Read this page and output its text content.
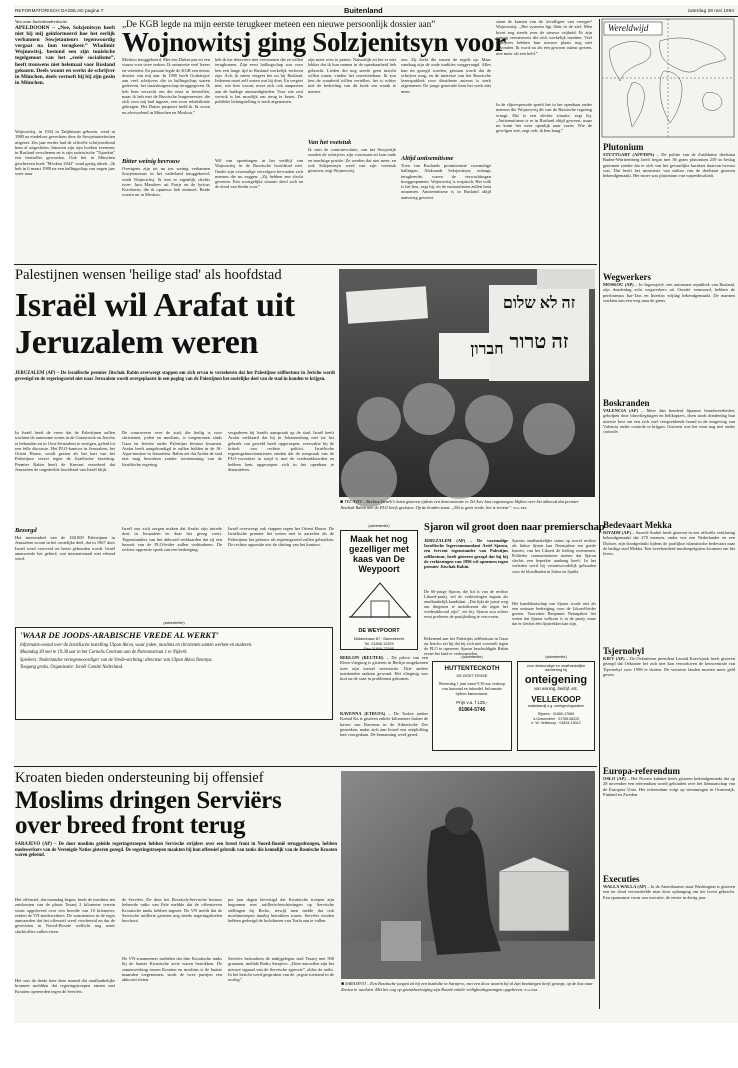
REFORMATORISCH DAGBLAD pagina 7	Buitenland	zaterdag 28 mei 1994
Van onze buitenlandredactie
APELDOORN – „Nee, Solzjenitsyn heeft niet bij mij geïnformeerd hoe het eerlijk verbannen Sowjetauteurs tegenwoordig vergaat na hun terugkeer.” Wladimir Wojnowitsj, bestond een zijn tuuishche tegelgenoot van het „reele socialisme”, heeft trouwens niet helemaal voor Rusland gekozen. Deels woont en werkt de schrijver in München, deels vertoeft hij bij zijn gezin in München.
Wojnowitsj, in 1932 in Tadjikistan geboren, werd in 1980 na eindeloze gevechten door de Sowjetautoriteiten uitgezet. Zes jaar eerder had de officiële schrijversbond hem al uitgesloten. Intussen zijn zijn boeken eveneens in Rusland verschenen en is zijn satiristische "Tsjonkin" een bestseller geworden. Ook het in München geschreven boek "Moskou 2042" vond gretig aftrek. „Ik heb in 6 maart 1989 na een ballingschap van negen jaar weer naar
„De KGB legde na mijn eerste terugkeer meteen een nieuwe persoonlijk dossier aan”
Wojnowitsj ging Solzjenitsyn voor
Moskou teruggekeerd. Met een Duitse pas en een visum voor twee weken. Ik ontmoette veel lezers en vrienden. En passant legde de KGB een nieuw dossier van mij aan. In 1990 heeft Gorbatsjov aan veel schrijvers die in ballingschap waren gedreven, het staatsburgerschap teruggegeven. Ik heb hem verzocht om die eerst te herstellen, maar ik heb met de Russische burgemeester, die zich voor mij had ingezet, een soort rehabilitatie gekregen. Het Duitse paspoort hield ik. Ik woon nu afwisselend in München en Moskou.”
Bitter weinig bevrouw
Overigens zijn tot nu toe weinig verbannen Sowjetauteurs in het vaderland teruggekeerd, vindt Wojnowitsj. Ik ken er eigenlijk slechts twee: Jura Mamleev uit Parijs en de lyricus Korshavin, die ik opnieuw heb ontmoet. Beide wonen nu in Moskou.
heb ik toe deesvrere niet vervenmen dat ze willen terugkomen. Zijn eerst ballingschap was voor hen een lange tijd in Rusland werkelijk verloren zijn. Ach, ik neem vergeet het nu bij Rusland. Iedereen moet zelf weten wat hij doet. En vergeet niet, wie hier woont, moet zich ook aanpassen aan de huidige omstandigheden. Voor wie ooit vertrok is het moeilijk om terug te keren. De publieke belangstelling is sterk afgenomen.
Wil van opzettingen in het verblijf van Wojnowitsj in de Russische hoofdstad niet. Onder zijn voormalige vervolgers bevonden zich mensen die nu zeggen: „Zij hebben een slecht geweten. Een soortgelijke situatie deed zich na de dood van Stalin voor.”
zijn meer over te praten. Natuurlijk zit het er niet lekker dat ik hun namen in de openbaarheid heb gebracht. Lieden die nog steeds geen inzicht willen tonen, vinden het onverteerbaar. Ik zou hen de waarheid willen vertellen, het is echter niet de bedoeling van dit boek om wraak te nemen.
Van het voetstuk
Ik stuit de contrarevolutie, van het Sowjetrijk zouden de schrijvers zijn voorstaan uit hun oude en machtige positie. Ze werden dat niet meer, en ook Solzjenitsyn werd van zijn voetstuk gestoten, zegt Wojnowitsj.
zou. Zij dicht die tussen de regels op. Maar vandaag zijn de oude tradities weggevaagd. Alles kan nu gezegd worden, gestaan wordt dat de schrijver mag, en de interesse van het Russische lezerspubliek voor dissidente auteurs is sterk afgenomen. De jonge generatie kent het werk niet meer.
Altijd antisemitisme
Toen van Ruslands prominentste voormalige ballingen, Aleksandr Solzjenitsyn, onlangs terugkeerde, waren de verwachtingen hooggespannen. Wojnowitsj is sceptisch. Het volk is het beu, zegt hij, en de nationalisten zullen hem omarmen. Antisemitisme is in Rusland altijd aanwezig geweest.
staan de kansen van de 'afvalligen' van vroeger? Wojnowitsj: „Het systeem ligt flink in de ziel. Men hoort nog steeds over de nieuwe vrijheid. Er zijn weinig vernieuwers die zich werkelijk inzetten. Veel schrijvers hebben hun nieuwe plaats nog niet gevonden. Ik word nu als een gewoon auteur gezien, niet meer als een held.”
In de slijtersperiode speelt het in het openbaar onder mensen die Wojnowitsj dit van de Russische regering vraagt. Dat is een slechte situatie, zegt hij. „Antisemitisme is er in Rusland altijd geweest, maar nu komt het weer openlijk naar voren. Wie de gevolgen ziet, zegt ook: ik ben bang.”
Wereldwijd
Plutonium
STUTTGART (AFP/DPA) – De politie van de Zuidduitse deelstaat Baden-Württemberg heeft begin mei 56 gram plutonium 239 in beslag genomen zonder dat er zich van het gevaarlijke karakter daarvan bewust was. Dat heeft het ministerie van milieu van de deelstaat gisteren bekendgemaakt. Het snoer was plutonium van wapenkwaliteit.
Wegwerkers
MOSKOU (AP) – In Ingoesjetië, een autonome republiek van Rusland, zijn donderdag acht wegwerkers uit Ossetië vermoord, hebben de persbureaus Itar-Tass en Interfax vrijdag bekendgemaakt. De mannen werkten aan een weg naar de grens.
Boskranden
VALENCIA (AP) – Meer dan honderd Spaanse brandweerlieden, geholpen door blusvliegtuigen en helikopters, doen sinds donderdag hun uiterste best om een zich snel verspreidende brand in de omgeving van Valencia onder controle te krijgen. Gisteren was het vuur nog niet onder controle.
Bedevaart Mekka
RIYADH (AP) – Saoedi-Arabië heeft gisteren in een officiële verklaring bekendgemaakt dat 270 mensen, onder wie een Nederlander en een Duitser, zijn doodgedrukt tijdens de jaarlijkse islamitische bedevaart naar de heilige stad Mekka. Een tweehonderd moslimpelgrims kwamen om het leven.
Tsjernobyl
KIEV (AP) – De Oekraïense president Leonid Kravtsjoek heeft gisteren gezegd dat Oekraïne het zich niet kan veroorloven de kerncentrale van Tsjernobyl voor 1998 te sluiten. De westerse landen moeten meer geld geven.
Europa-referendum
OSLO (AP) – Het Noorse kabinet heeft gisteren bekendgemaakt dat op 28 november een referendum wordt gehouden over het lidmaatschap van de Europese Unie. Het referendum volgt op stemmingen in Oostenrijk, Finland en Zweden.
Executies
WALLA WALLA (AP) – In de Amerikaanse staat Washington is gisteren een ter dood veroordeelde man door ophanging om het leven gebracht. Een spaarzame vorm van executie, de eerste in dertig jaar.
Palestijnen wensen 'heilige stad' als hoofdstad
Israël wil Arafat uit Jeruzalem weren
JERUZALEM (AP) – De Israëlische premier Jitschak Rabin overweegt stappen om zich ervan te verzekeren dat het Palestijnse zelfbestuur in Jericho wordt gevestigd en de regeringszetel niet naar Jeruzalem wordt overgeplaatst in een poging van de Palestijnen het oostelijke deel van de stad in handen te krijgen.
In Israël heeft de vrees dat de Palestijnen zullen trachten de autonome zones in de Gazastrook en Jericho te behouden en in Oost-Jeruzalem te vestigen, geleid tot een felle discussie. Het PLO-kantoor in Jeruzalem, het Orient House, wordt gezien als het hart van het Palestijnse verzet tegen de Israëlische bezetting. Premier Rabin heeft de Knesset verzekerd dat Jeruzalem de ongedeelde hoofdstad van Israël blijft.
Bezorgd
Het meerendeel van de 160.000 Palestijnen in Jeruzalem woont in het oostelijke deel, dat in 1967 door Israël werd veroverd en bezet gehouden wordt. Israël annexeerde het gebied, wat internationaal niet erkend werd.
De controverse over de stad, die heilig is voor christenen, joden en moslims, is toegenomen sinds Gaza en Jericho onder Palestijns bestuur kwamen. Arafat heeft aangekondigd te zullen bidden in de Al-Aqsa-moskee in Jeruzalem. Rabin zei dat Arafat de stad niet mag bezoeken zonder toestemming van de Israëlische regering.
Israël zou zich zorgen maken dat Arafat zijn intrede doet in Jeruzalem en daar het gezag voert. Tegenstanders van het akkoord verklaarden dat zij een bezoek van de PLO-leider zullen verhinderen. De rechtse oppositie sprak van een bedreiging.
vergaderen bij Israëls aanspraak op de stad. Israël heeft Arafat verklaard dat hij in Johannesburg niet tot het gebruik van geweld heeft opgeroepen, verzwakte hij de kritiek van rechtse politici. Israëlische regeringsfunctionarissen vinden dat de toespraak van de PLO-voorzitter in strijd is met de vredesakkoorden en hebben hem opgeroepen zich in het openbaar te distantiëren.
Israël overweegt ook stappen tegen het Orient House. De Israëlische premier liet weten niet te aarzelen als de Palestijnen het gebouw als regeringszetel zullen gebruiken. De rechtse oppositie eist de sluiting van het kantoor.
חברון
זה לא שלום
זה טרור
■ TEL AVIV – Rechtse Israëli's laten gisteren tijdens een demonstratie in Tel Aviv hun ongenoegen blijken over het akkoord dat premier Jitschak Rabin met de PLO heeft gesloten. Op de borden staat: „Dit is geen vrede, het is terreur”. Foto EPA
(advertentie)
Maak het nog gezelliger met kaas van De Weypoort
DE WEYPOORT
Middenbaan 87 · Barendrecht
Tel. 01806-12929
Fax 01806-22595
Sjaron wil groot doen naar premierschap
JERUZALEM (AP) – De voormalige Israëlische legercommandant Ariel Sjaron, een fervent tegenstander van Palestijns zelfbestuur, heeft gisteren gezegd dat hij bij de verkiezingen van 1996 wil opnemen tegen premier Jitschak Rabin.
De 66-jarige Sjaron, die lid is van de rechtse Likoed-partij, wil de verkiezingen ingaan als onafhankelijk kandidaat. „Dat lijkt de juiste weg om diegenen te mobiliseren die tegen het vredesakkoord zijn”, zei hij. Sjaron zou echter eerst proberen de partijleiding te veroveren.
Rekenend aan het Palestijns zelfbestuur in Gaza en Jericho zei hij dat hij zich niet voorstelt tegen de PLO te opereren. Sjaron beschuldigde Rabin ervan het land te verkwanselen.
Sjarons onafhankelijke status op zowel rechtse als linkse lijsten kan Netanjahoe ten goede komen, van het Likoed de leiding overnemen. Politieke commentatoren menen dat Sjaron slechts een beperkte aanhang heeft. In het verleden werd hij verantwoordelijk gehouden voor de bloedbaden in Sabra en Sjatila.
Het kandidaatschap van Sjaron wordt niet als een serieuze bedreiging voor de Likoed-leider gezien. Voorzitter Benjamin Netanjahoe liet weten dat Sjaron welkom is in de partij, maar dat er slechts één lijsttrekker kan zijn.
(advertentie)
'WAAR DE JOODS-ARABISCHE VREDE AL WERKT'
Informatie-avond over de Israëlische instelling Ulpan Akiva, waar joden, moslims en christenen samen werken en studeren.
Maandag 30 mei te 19.30 uur in het Cornelis Centrum aan de Patroonstraat 1 te Nijkerk.
Sprekers: Nederlandse vertegenwoordiger van de Vrede-stichting; directeur van Ulpan Akiva Netanya.
Toegang gratis. Organisatie: Israël Comité Nederland.
BERLIJN (REUTER) – De piloot van een Klein vliegtuig is gisteren in Berlijn omgekomen toen zijn toestel neerstortte. Drie andere inzittenden raakten gewond. Het vliegtuig was kort na de start in problemen gekomen.
RAVENNA (ETRUFA) – De Turkse tanker Komal Ka is gisteren enkele kilometers buiten de haven van Ravenna in de Adriatische Zee gezonken, nadat zich aan boord een ontploffing had voorgedaan. De bemanning werd gered.
(advertentie)
HUTTENTECKOTH
DE BOETTENSE
Woensdag 1 juni vanaf 9.30 uur verkoop van huisraad en inboedel. Informatie tijdens kantooruren.
Prijs v.a. f 125,-
01864-5746
(advertentie)
voor deskundige en onafhankelijke advisering bij
onteigening
van woning, bedrijf, etc.
VELLEKOOP
makelaardij o.g. onteigeningszaken
Rijssen · 01650-17665
's-Gravendeel · 01785-56222
Ir. W. Vellekoop · 01834-15012
Kroaten bieden ondersteuning bij offensief
Moslims dringen Serviërs
over breed front terug
SARAJEVO (AP) – De door moslims geleide regeringstroepen hebben Servische strijders over een breed front in Noord-Bosnië teruggedrongen, hebben medewerkers van de Verenigde Naties gisteren gezegd. De regeringstroepen maakten bij hun offensief gebruik van tanks die kennelijk van de Bosnische Kroaten waren geleend.
Het offensief, dat maandag begon, heeft de moslims ten zuidoosten van de plaats Tesanj 2 kilometer terrein winst opgeleverd over een breedte van 10 kilometer, zeiden de VN-medewerkers. De waarnemers in de regio aanvaarden dat het offensief werd voorbereid en dat de gevechten in Noord-Bosnië wellicht nog meer slachtoffers zullen eisen.
Het was de derde keer deze maand dat onafhankelijke bronnen meldden dat regeringstroepen samen met Kroaten opereerden tegen de Serviërs.
de Serviërs. De door het Bosnisch-Servische bestuur beheerde radio van Pale meldde dat de offensieven Kroatische tanks hebben ingezet. De VN meldt dat de Servische artillerie gisteren nog steeds regeringsdoelen beschoot.
De VN-waarnemers meldden dat drie Kroatische tanks bij de laatste Kroatische actie waren betrokken. De samenwerking tussen Kroaten en moslims is de laatste maanden toegenomen, sinds de twee partijen een akkoord sloten.
per jaar dagen bevestigd dat Kroatische troepen zijn begonnen met artillerie-beschietingen op Servische stellingen bij Brcko, terwijl men melde dat ook moslimtroepen daarbij betrokken waren. Serviërs zouden hebben gedreigd de luchthaven van Tuzla aan te vallen.
Serviërs bestookten de nabijgelegen stad Tesanj met 500 granaten, meldde Radio Sarajevo. „Deze aanvallen zijn het nieuwe signaal van de Servische agressie”, aldus de radio. In het bericht werd gesproken van de „ergste toestand in de oorlog”.
■ SARAJEVO – Een Bosnische jongen zit bij een bushalte in Sarajevo, met een doos waarin hij al zijn bezittingen heeft gestopt, op de bus naar Zenica te wachten. Met het oog op gezinshereniging zijn Bosnië enkele veiligheidsgarangen opgeheven. Foto EPA
